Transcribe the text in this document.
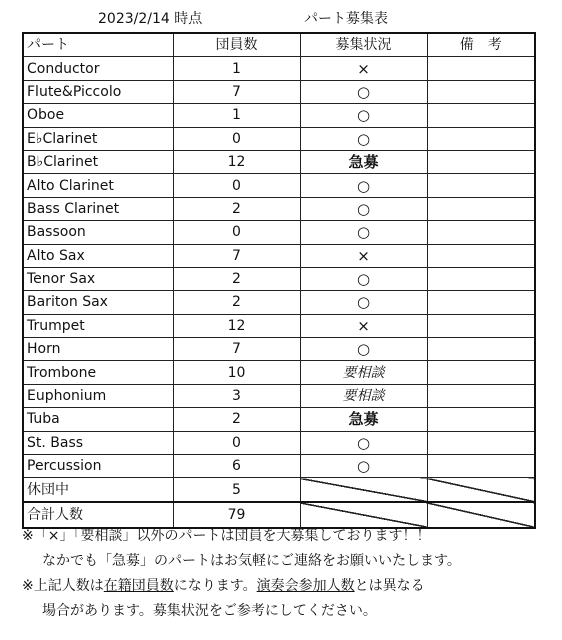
2023/2/14 時点	パート募集表
パート	団員数	募集状況	備　考
Conductor	1	×	
Flute&Piccolo	7	○	
Oboe	1	○	
E♭Clarinet	0	○	
B♭Clarinet	12	急募	
Alto Clarinet	0	○	
Bass Clarinet	2	○	
Bassoon	0	○	
Alto Sax	7	×	
Tenor Sax	2	○	
Bariton Sax	2	○	
Trumpet	12	×	
Horn	7	○	
Trombone	10	要相談	
Euphonium	3	要相談	
Tuba	2	急募	
St. Bass	0	○	
Percussion	6	○	
休団中	5		
合計人数	79		

※「×」「要相談」以外のパートは団員を大募集しております！！

なかでも「急募」のパートはお気軽にご連絡をお願いいたします。

※上記人数は在籍団員数になります。演奏会参加人数とは異なる

場合があります。募集状況をご参考にしてください。
